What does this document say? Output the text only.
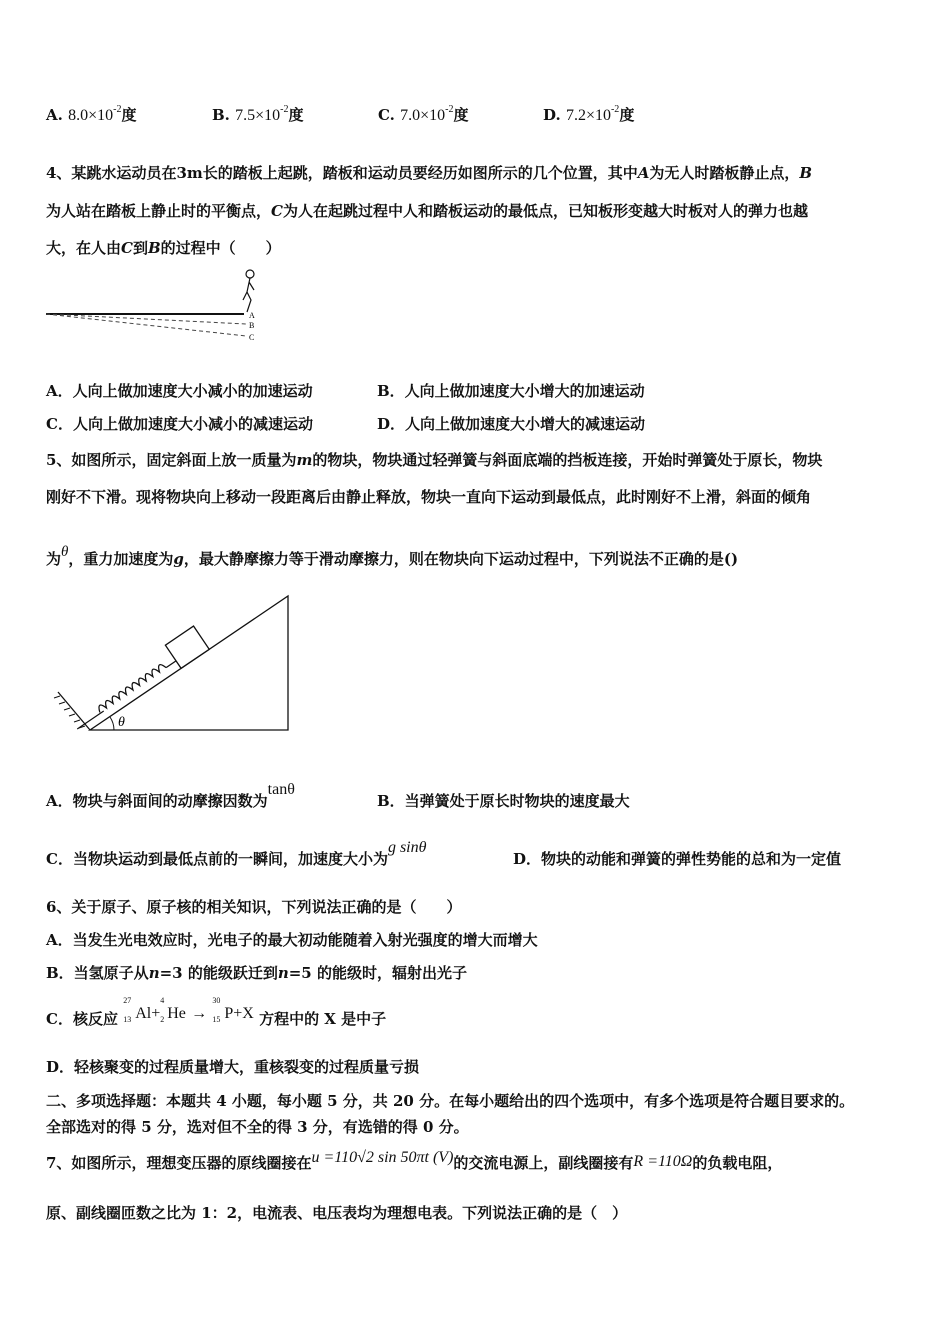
A. $8.0\times 10^{-2}$度	B. $7.5\times 10^{-2}$度	C. $7.0\times 10^{-2}$度	D. $7.2\times 10^{-2}$度
4、某跳水运动员在3m长的踏板上起跳，踏板和运动员要经历如图所示的几个位置，其中A为无人时踏板静止点，B
为人站在踏板上静止时的平衡点，C为人在起跳过程中人和踏板运动的最低点，已知板形变越大时板对人的弹力也越
大，在人由C到B的过程中（　　）
A
B
C
A．人向上做加速度大小减小的加速运动	B．人向上做加速度大小增大的加速运动
C．人向上做加速度大小减小的减速运动	D．人向上做加速度大小增大的减速运动
5、如图所示，固定斜面上放一质量为m的物块，物块通过轻弹簧与斜面底端的挡板连接，开始时弹簧处于原长，物块
刚好不下滑。现将物块向上移动一段距离后由静止释放，物块一直向下运动到最低点，此时刚好不上滑，斜面的倾角
为θ，重力加速度为g，最大静摩擦力等于滑动摩擦力，则在物块向下运动过程中，下列说法不正确的是()
θ
A．物块与斜面间的动摩擦因数为tanθ
B．当弹簧处于原长时物块的速度最大
C．当物块运动到最低点前的一瞬间，加速度大小为g sinθ
D．物块的动能和弹簧的弹性势能的总和为一定值
6、关于原子、原子核的相关知识，下列说法正确的是（　　）
A．当发生光电效应时，光电子的最大初动能随着入射光强度的增大而增大
B．当氢原子从n=3 的能级跃迁到n=5 的能级时，辐射出光子
C．核反应
27
13 Al+
4
2 He →
30
15 P+X 方程中的 X 是中子
D．轻核聚变的过程质量增大，重核裂变的过程质量亏损
二、多项选择题：本题共 4 小题，每小题 5 分，共 20 分。在每小题给出的四个选项中，有多个选项是符合题目要求的。
全部选对的得 5 分，选对但不全的得 3 分，有选错的得 0 分。
7、如图所示，理想变压器的原线圈接在u =110√2 sin 50πt (V)的交流电源上，副线圈接有R =110Ω的负载电阻，
原、副线圈匝数之比为 1：2，电流表、电压表均为理想电表。下列说法正确的是（　）
